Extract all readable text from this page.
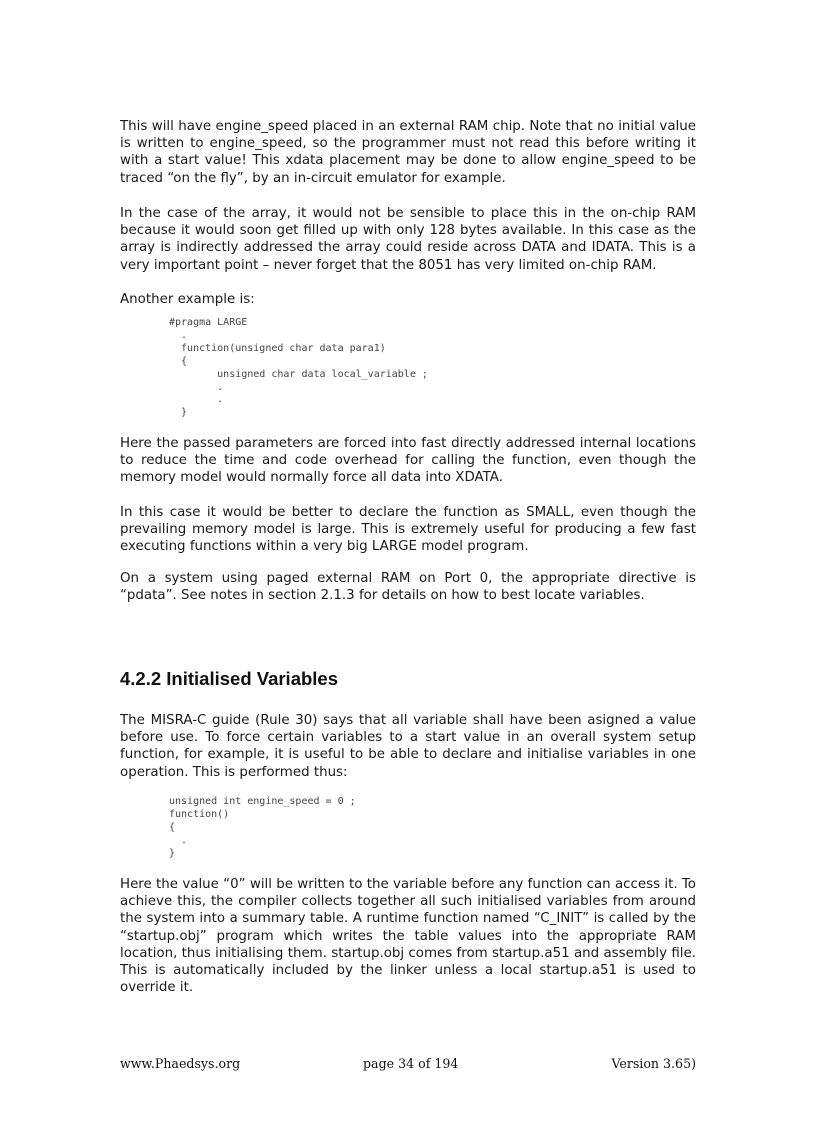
This will have engine_speed placed in an external RAM chip. Note that no initial value is written to engine_speed, so the programmer must not read this before writing it with a start value! This xdata placement may be done to allow engine_speed to be traced “on the fly”, by an in-circuit emulator for example.

In the case of the array, it would not be sensible to place this in the on-chip RAM because it would soon get filled up with only 128 bytes available. In this case as the array is indirectly addressed the array could reside across DATA and IDATA. This is a very important point – never forget that the 8051 has very limited on-chip RAM.

Another example is:

#pragma LARGE
.
function(unsigned char data para1)
{
unsigned char data local_variable ;
.
.
}

Here the passed parameters are forced into fast directly addressed internal locations to reduce the time and code overhead for calling the function, even though the memory model would normally force all data into XDATA.

In this case it would be better to declare the function as SMALL, even though the prevailing memory model is large. This is extremely useful for producing a few fast executing functions within a very big LARGE model program.

On a system using paged external RAM on Port 0, the appropriate directive is “pdata”. See notes in section 2.1.3 for details on how to best locate variables.

4.2.2 Initialised Variables

The MISRA-C guide (Rule 30) says that all variable shall have been asigned a value before use. To force certain variables to a start value in an overall system setup function, for example, it is useful to be able to declare and initialise variables in one operation. This is performed thus:

unsigned int engine_speed = 0 ;
function()
{
.
}

Here the value “0” will be written to the variable before any function can access it. To achieve this, the compiler collects together all such initialised variables from around the system into a summary table. A runtime function named “C_INIT” is called by the “startup.obj” program which writes the table values into the appropriate RAM location, thus initialising them. startup.obj comes from startup.a51 and assembly file. This is automatically included by the linker unless a local startup.a51 is used to override it.

www.Phaedsys.org	page 34 of 194	Version 3.65)
